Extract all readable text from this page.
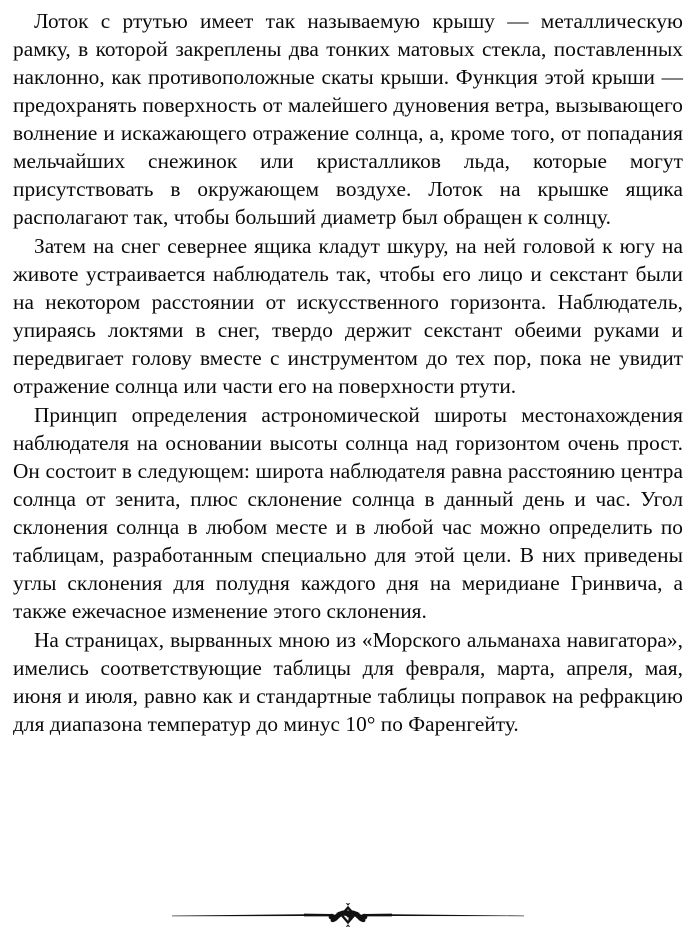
Лоток с ртутью имеет так называемую крышу — металлическую рамку, в которой закреплены два тонких матовых стекла, поставленных наклонно, как противоположные скаты крыши. Функция этой крыши — предохранять поверхность от малейшего дуновения ветра, вызывающего волнение и искажающего отражение солнца, а, кроме того, от попадания мельчайших снежинок или кристалликов льда, которые могут присутствовать в окружающем воздухе. Лоток на крышке ящика располагают так, чтобы больший диаметр был обращен к солнцу.

Затем на снег севернее ящика кладут шкуру, на ней головой к югу на животе устраивается наблюдатель так, чтобы его лицо и секстант были на некотором расстоянии от искусственного горизонта. Наблюдатель, упираясь локтями в снег, твердо держит секстант обеими руками и передвигает голову вместе с инструментом до тех пор, пока не увидит отражение солнца или части его на поверхности ртути.

Принцип определения астрономической широты местонахождения наблюдателя на основании высоты солнца над горизонтом очень прост. Он состоит в следующем: широта наблюдателя равна расстоянию центра солнца от зенита, плюс склонение солнца в данный день и час. Угол склонения солнца в любом месте и в любой час можно определить по таблицам, разработанным специально для этой цели. В них приведены углы склонения для полудня каждого дня на меридиане Гринвича, а также ежечасное изменение этого склонения.

На страницах, вырванных мною из «Морского альманаха навигатора», имелись соответствующие таблицы для февраля, марта, апреля, мая, июня и июля, равно как и стандартные таблицы поправок на рефракцию для диапазона температур до минус 10° по Фаренгейту.
